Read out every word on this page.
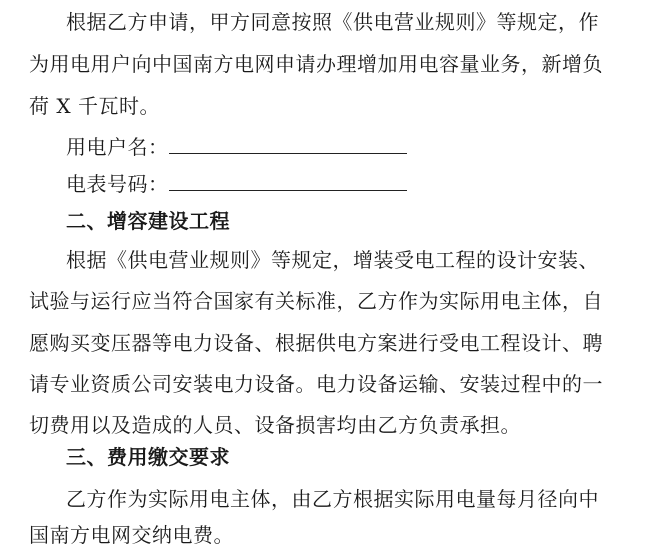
根据乙方申请，甲方同意按照《供电营业规则》等规定，作
为用电用户向中国南方电网申请办理增加用电容量业务，新增负
荷 X 千瓦时。
用电户名：
电表号码：
二、增容建设工程
根据《供电营业规则》等规定，增装受电工程的设计安装、
试验与运行应当符合国家有关标准，乙方作为实际用电主体，自
愿购买变压器等电力设备、根据供电方案进行受电工程设计、聘
请专业资质公司安装电力设备。电力设备运输、安装过程中的一
切费用以及造成的人员、设备损害均由乙方负责承担。
三、费用缴交要求
乙方作为实际用电主体，由乙方根据实际用电量每月径向中
国南方电网交纳电费。
